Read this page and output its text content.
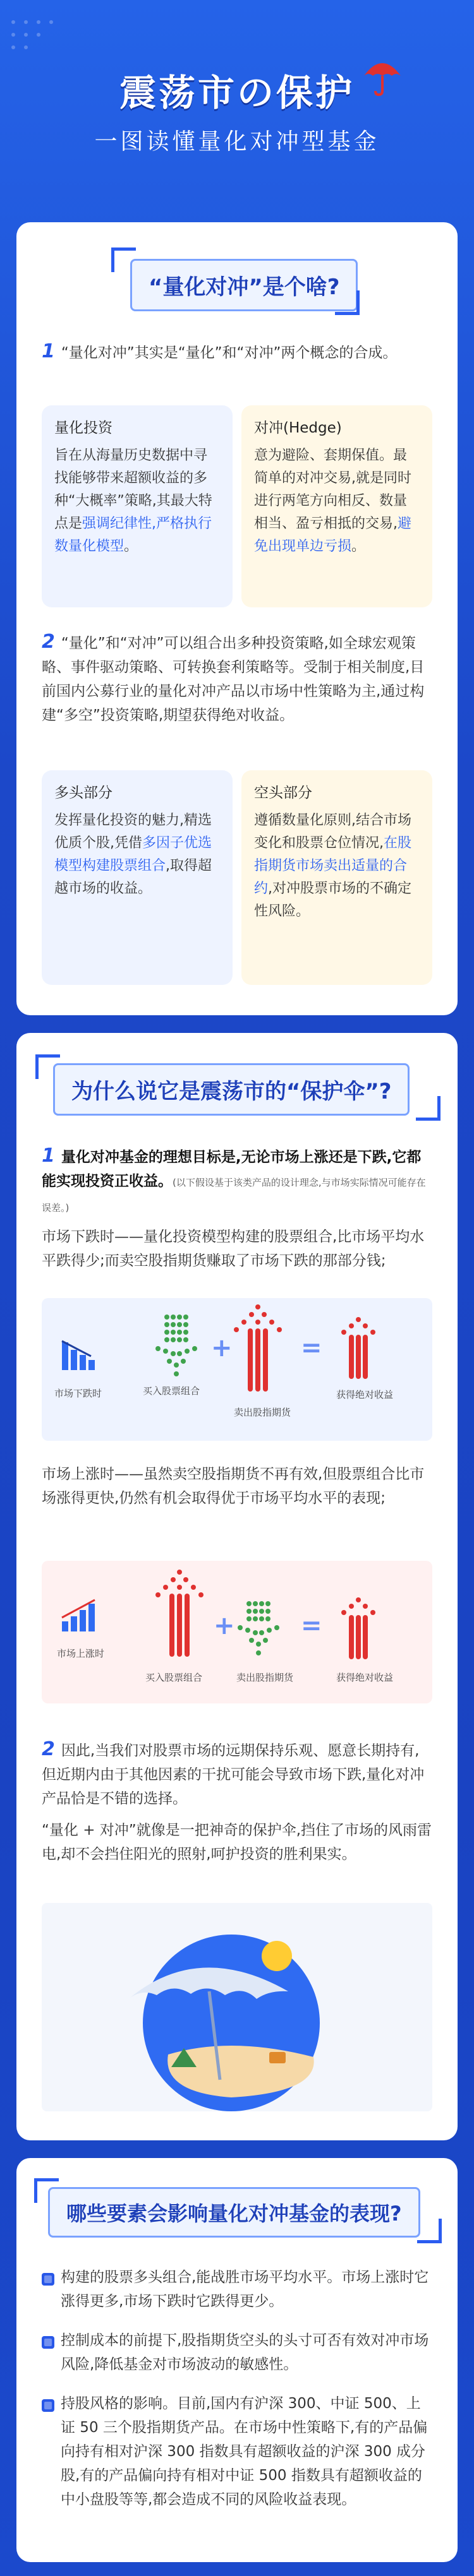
震荡市の保护
一图读懂量化对冲型基金
“量化对冲”是个啥?
1 “量化对冲”其实是“量化”和“对冲”两个概念的合成。
量化投资
旨在从海量历史数据中寻找能够带来超额收益的多种“大概率”策略,其最大特点是强调纪律性,严格执行数量化模型。
对冲(Hedge)
意为避险、套期保值。最简单的对冲交易,就是同时进行两笔方向相反、数量相当、盈亏相抵的交易,避免出现单边亏损。
2 “量化”和“对冲”可以组合出多种投资策略,如全球宏观策略、事件驱动策略、可转换套利策略等。受制于相关制度,目前国内公募行业的量化对冲产品以市场中性策略为主,通过构建“多空”投资策略,期望获得绝对收益。
多头部分
发挥量化投资的魅力,精选优质个股,凭借多因子优选模型构建股票组合,取得超越市场的收益。
空头部分
遵循数量化原则,结合市场变化和股票仓位情况,在股指期货市场卖出适量的合约,对冲股票市场的不确定性风险。
为什么说它是震荡市的“保护伞”?
1 量化对冲基金的理想目标是,无论市场上涨还是下跌,它都能实现投资正收益。(以下假设基于该类产品的设计理念,与市场实际情况可能存在误差。)
市场下跌时——量化投资模型构建的股票组合,比市场平均水平跌得少;而卖空股指期货赚取了市场下跌的那部分钱;
市场下跌时	买入股票组合
+
卖出股指期货
=
获得绝对收益
市场上涨时——虽然卖空股指期货不再有效,但股票组合比市场涨得更快,仍然有机会取得优于市场平均水平的表现;
市场上涨时
买入股票组合
+
卖出股指期货
=
获得绝对收益
2 因此,当我们对股票市场的远期保持乐观、愿意长期持有,但近期内由于其他因素的干扰可能会导致市场下跌,量化对冲产品恰是不错的选择。
“量化 + 对冲”就像是一把神奇的保护伞,挡住了市场的风雨雷电,却不会挡住阳光的照射,呵护投资的胜利果实。
哪些要素会影响量化对冲基金的表现?
构建的股票多头组合,能战胜市场平均水平。市场上涨时它涨得更多,市场下跌时它跌得更少。
控制成本的前提下,股指期货空头的头寸可否有效对冲市场风险,降低基金对市场波动的敏感性。
持股风格的影响。目前,国内有沪深 300、中证 500、上证 50 三个股指期货产品。在市场中性策略下,有的产品偏向持有相对沪深 300 指数具有超额收益的沪深 300 成分股,有的产品偏向持有相对中证 500 指数具有超额收益的中小盘股等等,都会造成不同的风险收益表现。
